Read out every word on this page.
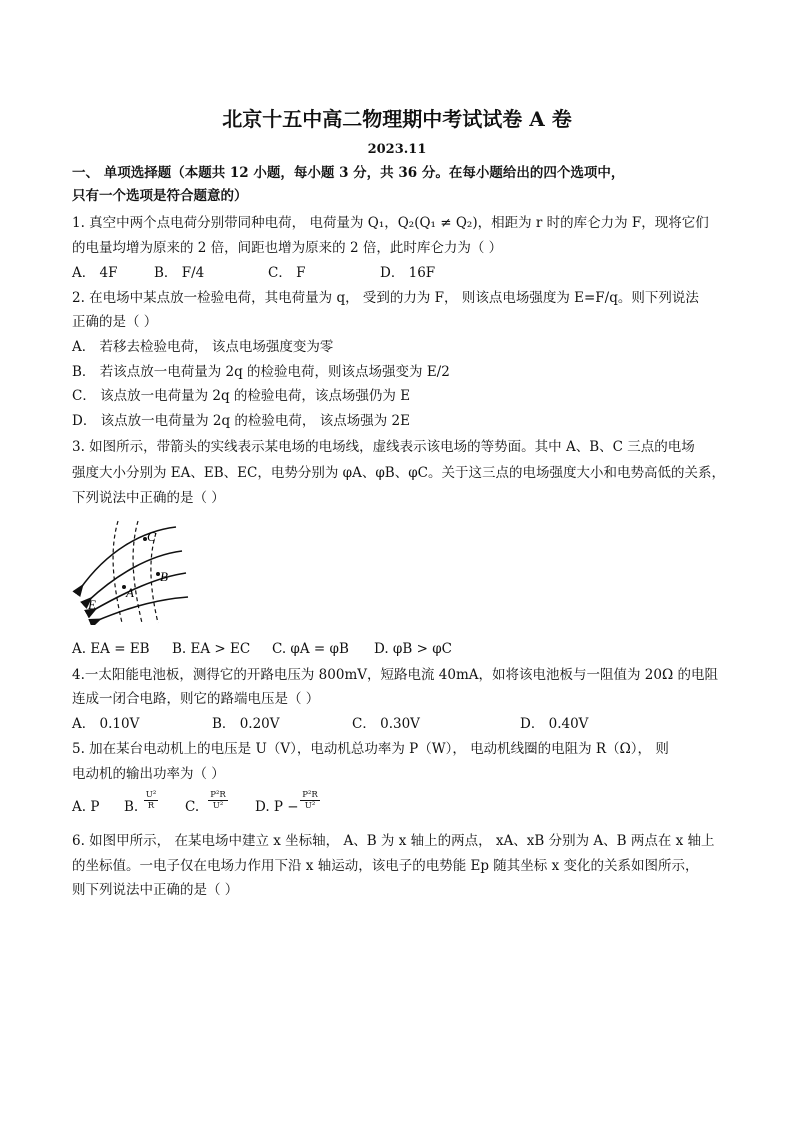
北京十五中高二物理期中考试试卷 A 卷
2023.11
一、 单项选择题（本题共 12 小题，每小题 3 分，共 36 分。在每小题给出的四个选项中，
只有一个选项是符合题意的）
1. 真空中两个点电荷分别带同种电荷， 电荷量为 Q₁，Q₂(Q₁ ≠ Q₂)，相距为 r 时的库仑力为 F，现将它们
的电量均增为原来的 2 倍，间距也增为原来的 2 倍，此时库仑力为（ ）
A． 4F	B． F/4	C． F	D． 16F
2. 在电场中某点放一检验电荷，其电荷量为 q， 受到的力为 F， 则该点电场强度为 E=F/q。则下列说法
正确的是（ ）
A． 若移去检验电荷， 该点电场强度变为零
B． 若该点放一电荷量为 2q 的检验电荷，则该点场强变为 E/2
C． 该点放一电荷量为 2q 的检验电荷，该点场强仍为 E
D． 该点放一电荷量为 2q 的检验电荷， 该点场强为 2E
3. 如图所示，带箭头的实线表示某电场的电场线，虚线表示该电场的等势面。其中 A、B、C 三点的电场
强度大小分别为 EA、EB、EC，电势分别为 φA、φB、φC。关于这三点的电场强度大小和电势高低的关系，
下列说法中正确的是（ ）
C
B
A
E
A. EA = EB B. EA > EC C. φA = φB D. φB > φC
4.一太阳能电池板，测得它的开路电压为 800mV，短路电流 40mA，如将该电池板与一阻值为 20Ω 的电阻
连成一闭合电路，则它的路端电压是（ ）
A． 0.10V	B． 0.20V	C． 0.30V	D． 0.40V
5. 加在某台电动机上的电压是 U（V），电动机总功率为 P（W）， 电动机线圈的电阻为 R（Ω）， 则
电动机的输出功率为（ ）
A. P B. $\frac{\text{U²}}{R} C$. $\frac{\text{P²R}}{\text{U²}} D$. $P - \frac{\text{P²R}}{\text{U²}}$
6. 如图甲所示， 在某电场中建立 x 坐标轴， A、B 为 x 轴上的两点， xA、xB 分别为 A、B 两点在 x 轴上
的坐标值。一电子仅在电场力作用下沿 x 轴运动，该电子的电势能 Ep 随其坐标 x 变化的关系如图所示，
则下列说法中正确的是（ ）
